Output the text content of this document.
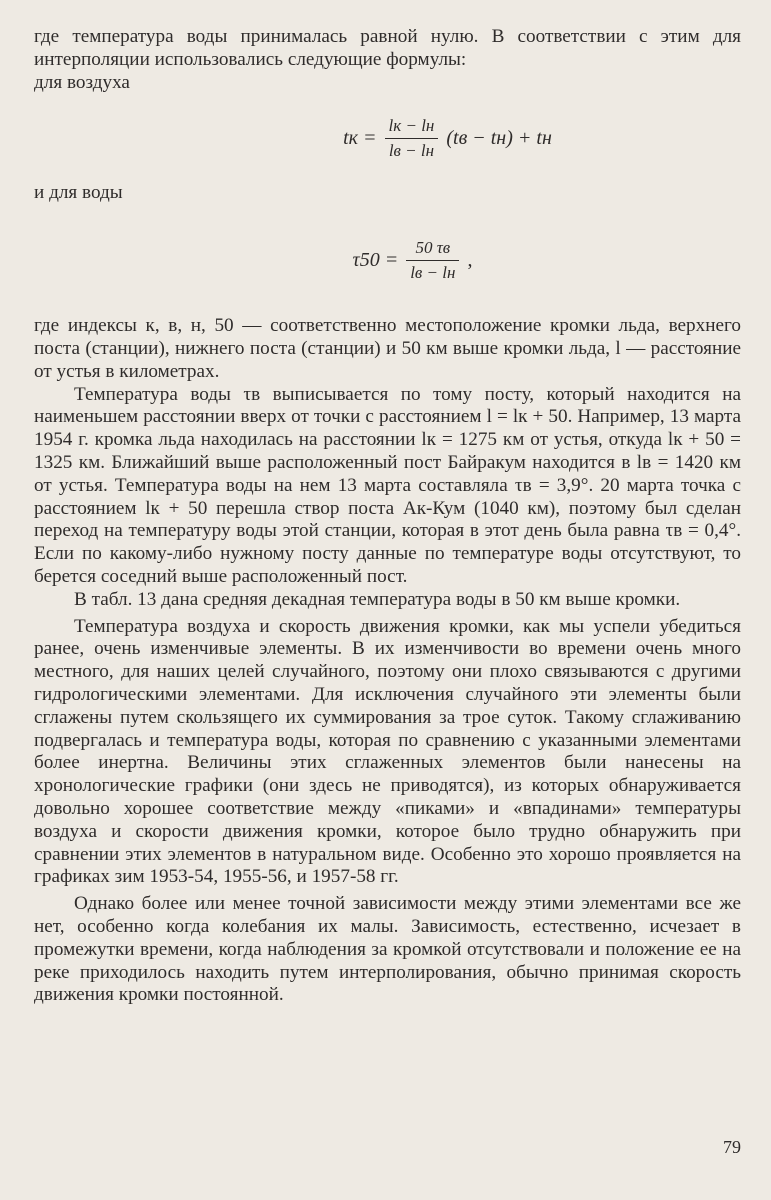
где температура воды принималась равной нулю. В соответствии с этим для интерполяции использовались следующие формулы:

для воздуха

tк = $\frac{lк - lн}{lв - lн} (tв - tн)$ + tн

и для воды

$\tau 50 = \frac{50 \tau в}{lв - lн}$ ,

где индексы к, в, н, 50 — соответственно местоположение кромки льда, верхнего поста (станции), нижнего поста (станции) и 50 км выше кромки льда, l — расстояние от устья в километрах.

Температура воды τв выписывается по тому посту, который находится на наименьшем расстоянии вверх от точки с расстоянием l = lк + 50. Например, 13 марта 1954 г. кромка льда находилась на расстоянии lк = 1275 км от устья, откуда lк + 50 = 1325 км. Ближайший выше расположенный пост Байракум находится в lв = 1420 км от устья. Температура воды на нем 13 марта составляла τв = 3,9°. 20 марта точка с расстоянием lк + 50 перешла створ поста Ак-Кум (1040 км), поэтому был сделан переход на температуру воды этой станции, которая в этот день была равна τв = 0,4°. Если по какому-либо нужному посту данные по температуре воды отсутствуют, то берется соседний выше расположенный пост.

В табл. 13 дана средняя декадная температура воды в 50 км выше кромки.

Температура воздуха и скорость движения кромки, как мы успели убедиться ранее, очень изменчивые элементы. В их изменчивости во времени очень много местного, для наших целей случайного, поэтому они плохо связываются с другими гидрологическими элементами. Для исключения случайного эти элементы были сглажены путем скользящего их суммирования за трое суток. Такому сглаживанию подвергалась и температура воды, которая по сравнению с указанными элементами более инертна. Величины этих сглаженных элементов были нанесены на хронологические графики (они здесь не приводятся), из которых обнаруживается довольно хорошее соответствие между «пиками» и «впадинами» температуры воздуха и скорости движения кромки, которое было трудно обнаружить при сравнении этих элементов в натуральном виде. Особенно это хорошо проявляется на графиках зим 1953-54, 1955-56, и 1957-58 гг.

Однако более или менее точной зависимости между этими элементами все же нет, особенно когда колебания их малы. Зависимость, естественно, исчезает в промежутки времени, когда наблюдения за кромкой отсутствовали и положение ее на реке приходилось находить путем интерполирования, обычно принимая скорость движения кромки постоянной.

79
